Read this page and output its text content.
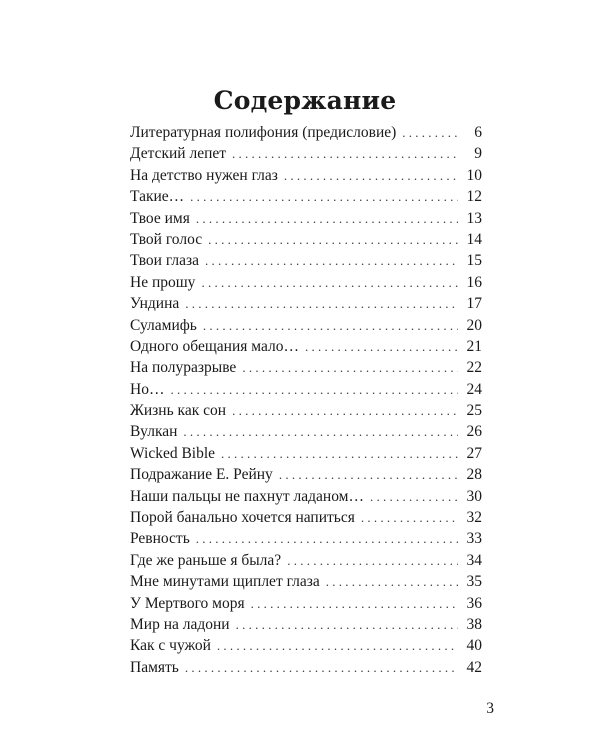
Содержание
Литературная полифония (предисловие) . . .	6
Детский лепет . . .	9
На детство нужен глаз . . .	10
Такие… . . .	12
Твое имя . . .	13
Твой голос . . .	14
Твои глаза . . .	15
Не прошу . . .	16
Ундина . . .	17
Суламифь . . .	20
Одного обещания мало… . . .	21
На полуразрыве . . .	22
Но… . . .	24
Жизнь как сон . . .	25
Вулкан . . .	26
Wicked Bible . . .	27
Подражание Е. Рейну . . .	28
Наши пальцы не пахнут ладаном… . . .	30
Порой банально хочется напиться . . .	32
Ревность . . .	33
Где же раньше я была? . . .	34
Мне минутами щиплет глаза . . .	35
У Мертвого моря . . .	36
Мир на ладони . . .	38
Как с чужой . . .	40
Память . . .	42
3
